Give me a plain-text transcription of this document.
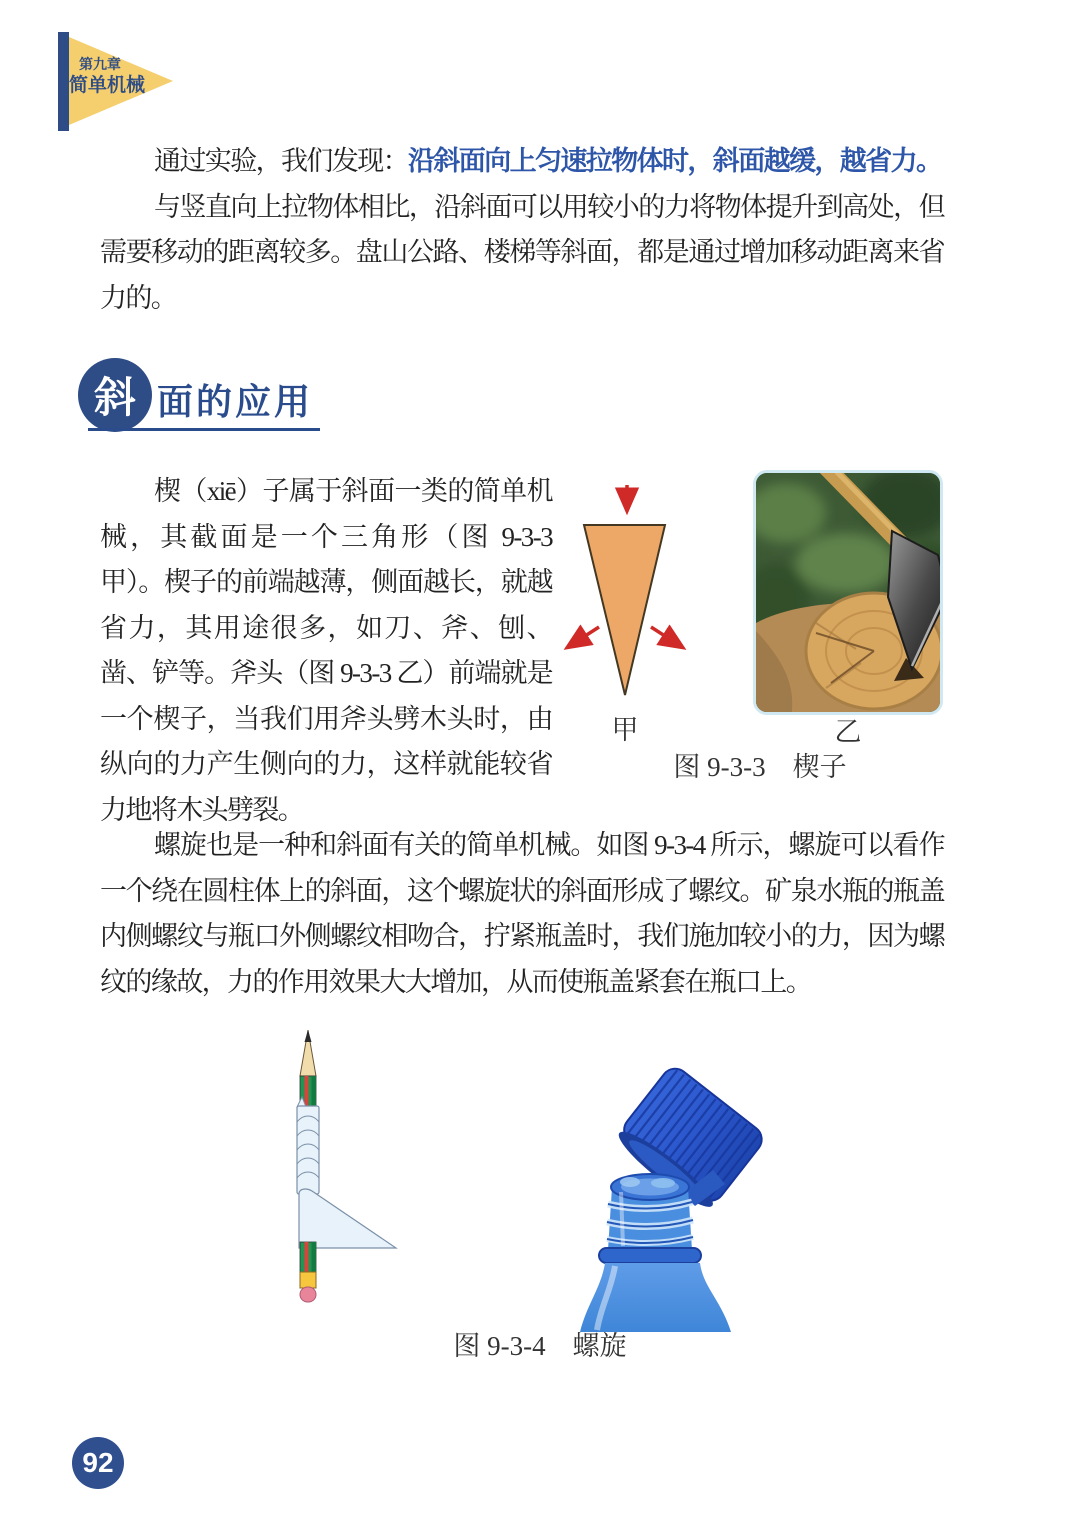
第九章
简单机械

通过实验，我们发现：沿斜面向上匀速拉物体时，斜面越缓，越省力。

与竖直向上拉物体相比，沿斜面可以用较小的力将物体提升到高处，但需要移动的距离较多。盘山公路、楼梯等斜面，都是通过增加移动距离来省力的。

斜 面的应用

楔（xiē）子属于斜面一类的简单机械，其截面是一个三角形（图 9-3-3 甲）。楔子的前端越薄，侧面越长，就越省力，其用途很多，如刀、斧、刨、凿、铲等。斧头（图 9-3-3 乙）前端就是一个楔子，当我们用斧头劈木头时，由纵向的力产生侧向的力，这样就能较省力地将木头劈裂。

甲	乙
图 9-3-3　楔子

螺旋也是一种和斜面有关的简单机械。如图 9-3-4 所示，螺旋可以看作一个绕在圆柱体上的斜面，这个螺旋状的斜面形成了螺纹。矿泉水瓶的瓶盖内侧螺纹与瓶口外侧螺纹相吻合，拧紧瓶盖时，我们施加较小的力，因为螺纹的缘故，力的作用效果大大增加，从而使瓶盖紧套在瓶口上。

图 9-3-4　螺旋
92
